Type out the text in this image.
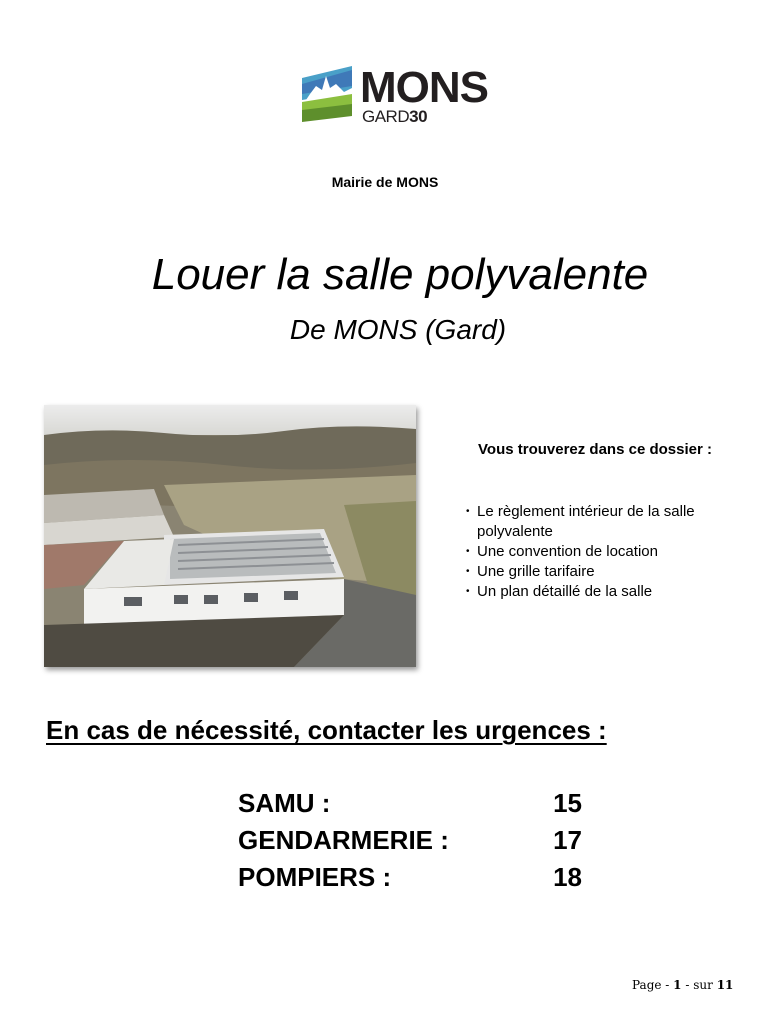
MONS
GARD30
Mairie de MONS
Louer la salle polyvalente
De MONS (Gard)
Vous trouverez dans ce dossier :
• Le règlement intérieur de la salle polyvalente
• Une convention de location
• Une grille tarifaire
• Un plan détaillé de la salle
En cas de nécessité, contacter les urgences :
SAMU :	15
GENDARMERIE :	17
POMPIERS :	18
Page - 1 - sur 11
